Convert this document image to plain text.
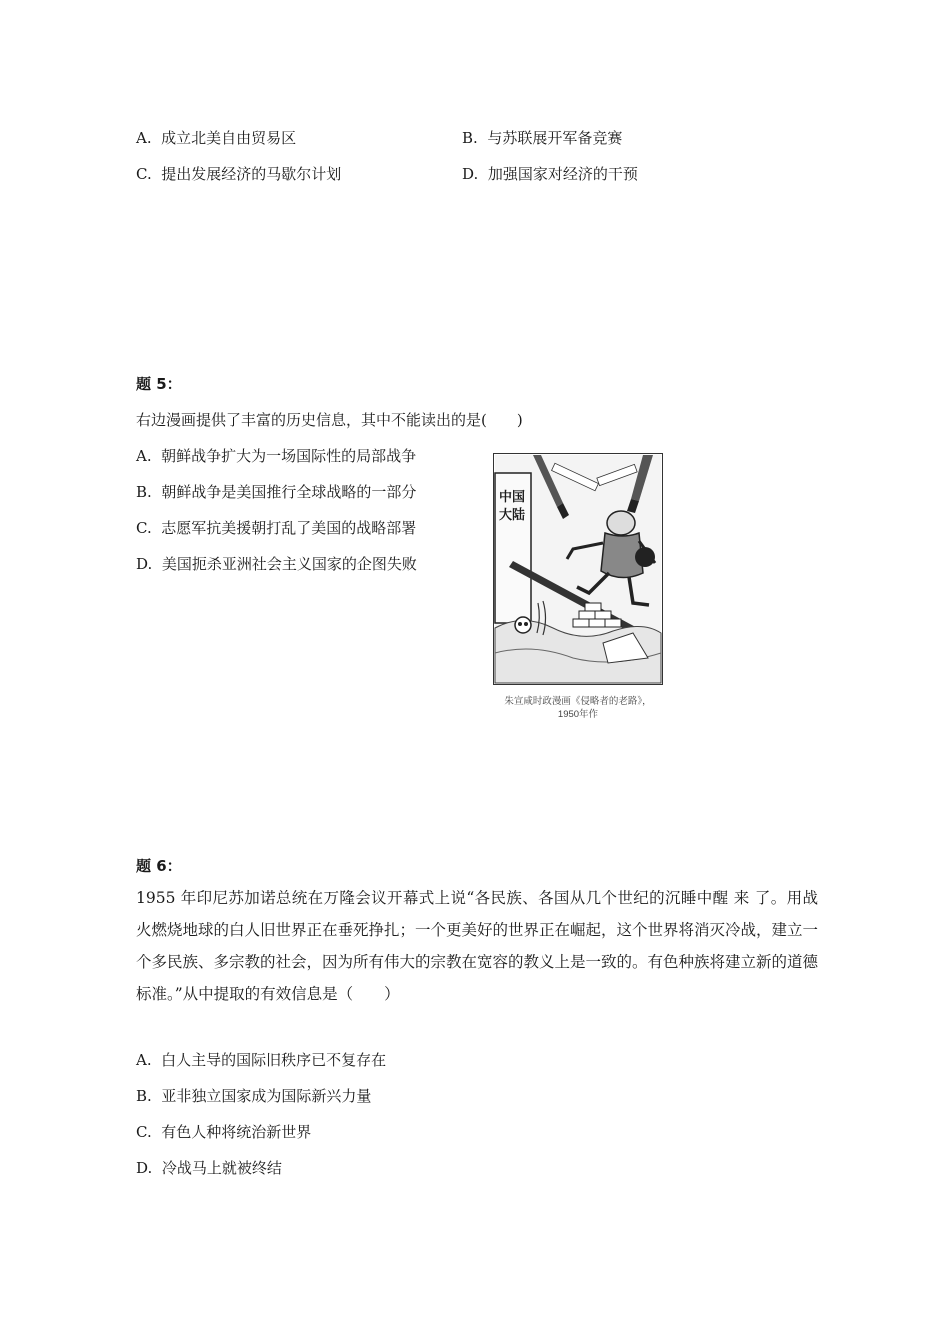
A. 成立北美自由贸易区	B. 与苏联展开军备竞赛
C. 提出发展经济的马歇尔计划	D. 加强国家对经济的干预
题 5：
右边漫画提供了丰富的历史信息，其中不能读出的是(　　)
A. 朝鲜战争扩大为一场国际性的局部战争
B. 朝鲜战争是美国推行全球战略的一部分
C. 志愿军抗美援朝打乱了美国的战略部署
D. 美国扼杀亚洲社会主义国家的企图失败
中国大陆
朱宣咸时政漫画《侵略者的老路》，
1950年作
题 6：
1955 年印尼苏加诺总统在万隆会议开幕式上说“各民族、各国从几个世纪的沉睡中醒 来 了。用战火燃烧地球的白人旧世界正在垂死挣扎；一个更美好的世界正在崛起，这个世界将消灭冷战，建立一个多民族、多宗教的社会，因为所有伟大的宗教在宽容的教义上是一致的。有色种族将建立新的道德标准。”从中提取的有效信息是（　　）
A. 白人主导的国际旧秩序已不复存在
B. 亚非独立国家成为国际新兴力量
C. 有色人种将统治新世界
D. 冷战马上就被终结
